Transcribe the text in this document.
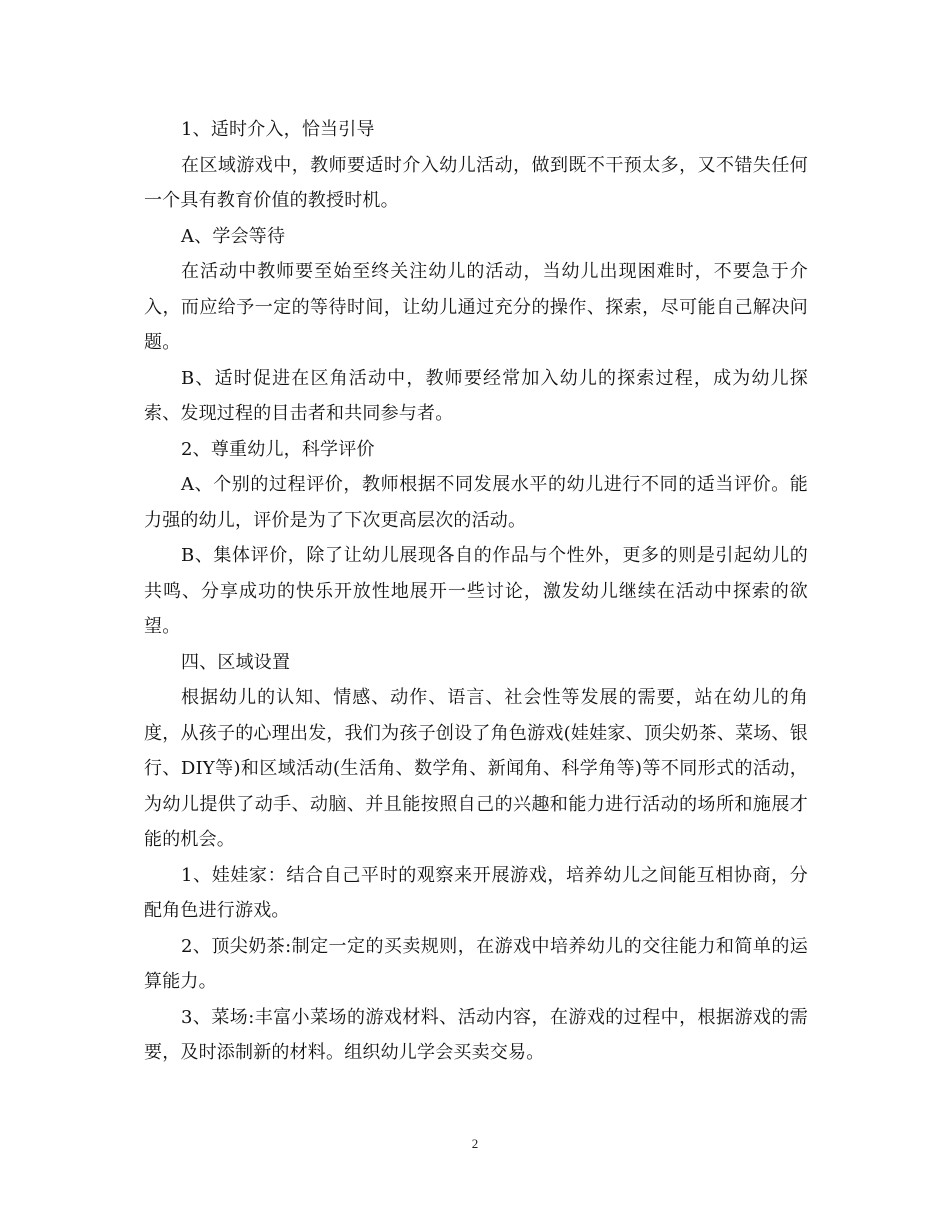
1、适时介入，恰当引导

在区域游戏中，教师要适时介入幼儿活动，做到既不干预太多，又不错失任何一个具有教育价值的教授时机。

A、学会等待

在活动中教师要至始至终关注幼儿的活动，当幼儿出现困难时，不要急于介入，而应给予一定的等待时间，让幼儿通过充分的操作、探索，尽可能自己解决问题。

B、适时促进在区角活动中，教师要经常加入幼儿的探索过程，成为幼儿探索、发现过程的目击者和共同参与者。

2、尊重幼儿，科学评价

A、个别的过程评价，教师根据不同发展水平的幼儿进行不同的适当评价。能力强的幼儿，评价是为了下次更高层次的活动。

B、集体评价，除了让幼儿展现各自的作品与个性外，更多的则是引起幼儿的共鸣、分享成功的快乐开放性地展开一些讨论，激发幼儿继续在活动中探索的欲望。

四、区域设置

根据幼儿的认知、情感、动作、语言、社会性等发展的需要，站在幼儿的角度，从孩子的心理出发，我们为孩子创设了角色游戏(娃娃家、顶尖奶茶、菜场、银行、DIY等)和区域活动(生活角、数学角、新闻角、科学角等)等不同形式的活动，为幼儿提供了动手、动脑、并且能按照自己的兴趣和能力进行活动的场所和施展才能的机会。

1、娃娃家：结合自己平时的观察来开展游戏，培养幼儿之间能互相协商，分配角色进行游戏。

2、顶尖奶茶:制定一定的买卖规则，在游戏中培养幼儿的交往能力和简单的运算能力。

3、菜场:丰富小菜场的游戏材料、活动内容，在游戏的过程中，根据游戏的需要，及时添制新的材料。组织幼儿学会买卖交易。

2
